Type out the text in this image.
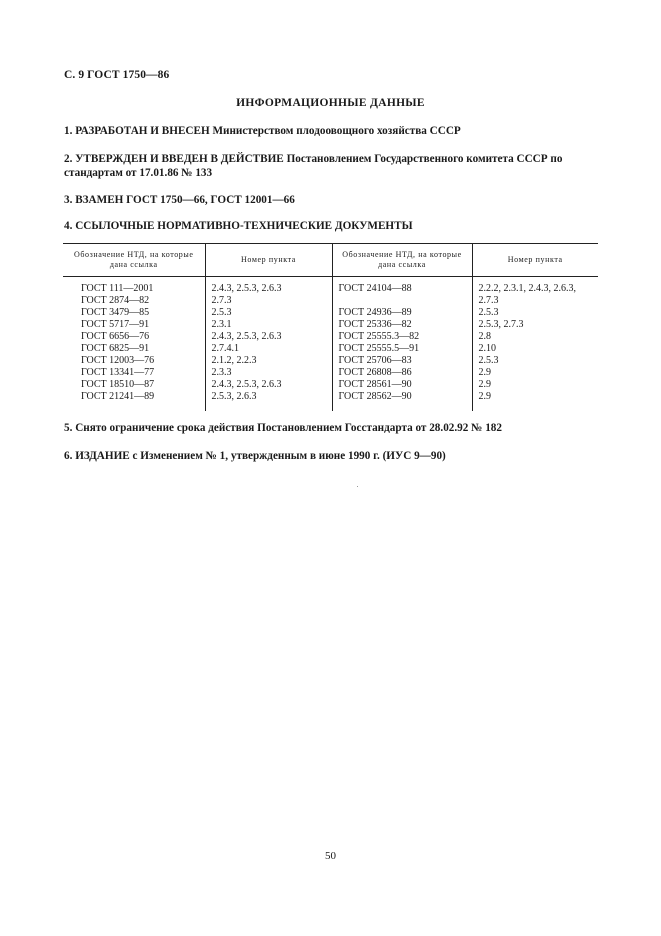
С. 9 ГОСТ 1750—86
ИНФОРМАЦИОННЫЕ ДАННЫЕ
1. РАЗРАБОТАН И ВНЕСЕН Министерством плодоовощного хозяйства СССР
2. УТВЕРЖДЕН И ВВЕДЕН В ДЕЙСТВИЕ Постановлением Государственного комитета СССР по стандартам от 17.01.86 № 133
3. ВЗАМЕН ГОСТ 1750—66, ГОСТ 12001—66
4. ССЫЛОЧНЫЕ НОРМАТИВНО-ТЕХНИЧЕСКИЕ ДОКУМЕНТЫ
Обозначение НТД, на которые дана ссылка	Номер пункта	Обозначение НТД, на которые дана ссылка	Номер пункта
ГОСТ 111—2001	2.4.3, 2.5.3, 2.6.3	ГОСТ 24104—88	2.2.2, 2.3.1, 2.4.3, 2.6.3,
ГОСТ 2874—82	2.7.3		2.7.3
ГОСТ 3479—85	2.5.3	ГОСТ 24936—89	2.5.3
ГОСТ 5717—91	2.3.1	ГОСТ 25336—82	2.5.3, 2.7.3
ГОСТ 6656—76	2.4.3, 2.5.3, 2.6.3	ГОСТ 25555.3—82	2.8
ГОСТ 6825—91	2.7.4.1	ГОСТ 25555.5—91	2.10
ГОСТ 12003—76	2.1.2, 2.2.3	ГОСТ 25706—83	2.5.3
ГОСТ 13341—77	2.3.3	ГОСТ 26808—86	2.9
ГОСТ 18510—87	2.4.3, 2.5.3, 2.6.3	ГОСТ 28561—90	2.9
ГОСТ 21241—89	2.5.3, 2.6.3	ГОСТ 28562—90	2.9
5. Снято ограничение срока действия Постановлением Госстандарта от 28.02.92 № 182
6. ИЗДАНИЕ с Изменением № 1, утвержденным в июне 1990 г. (ИУС 9—90)
50
